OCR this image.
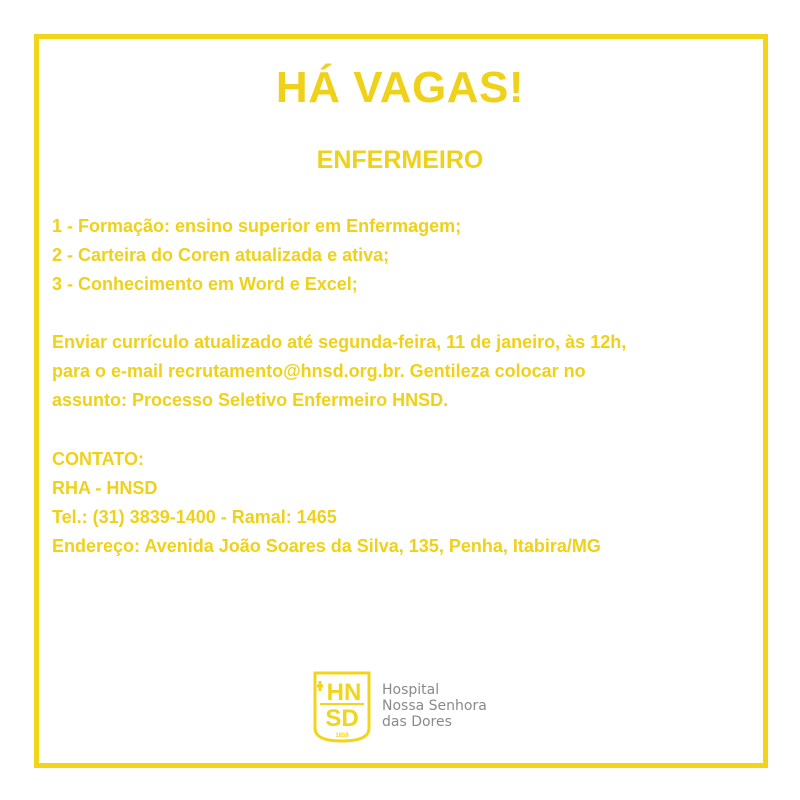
HÁ VAGAS!
ENFERMEIRO
1 - Formação: ensino superior em Enfermagem;
2 - Carteira do Coren atualizada e ativa;
3 - Conhecimento em Word e Excel;
Enviar currículo atualizado até segunda-feira, 11 de janeiro, às 12h,
para o e-mail recrutamento@hnsd.org.br. Gentileza colocar no
assunto: Processo Seletivo Enfermeiro HNSD.
CONTATO:
RHA - HNSD
Tel.: (31) 3839-1400 - Ramal: 1465
Endereço: Avenida João Soares da Silva, 135, Penha, Itabira/MG
HN
SD
1859
Hospital
Nossa Senhora
das Dores
